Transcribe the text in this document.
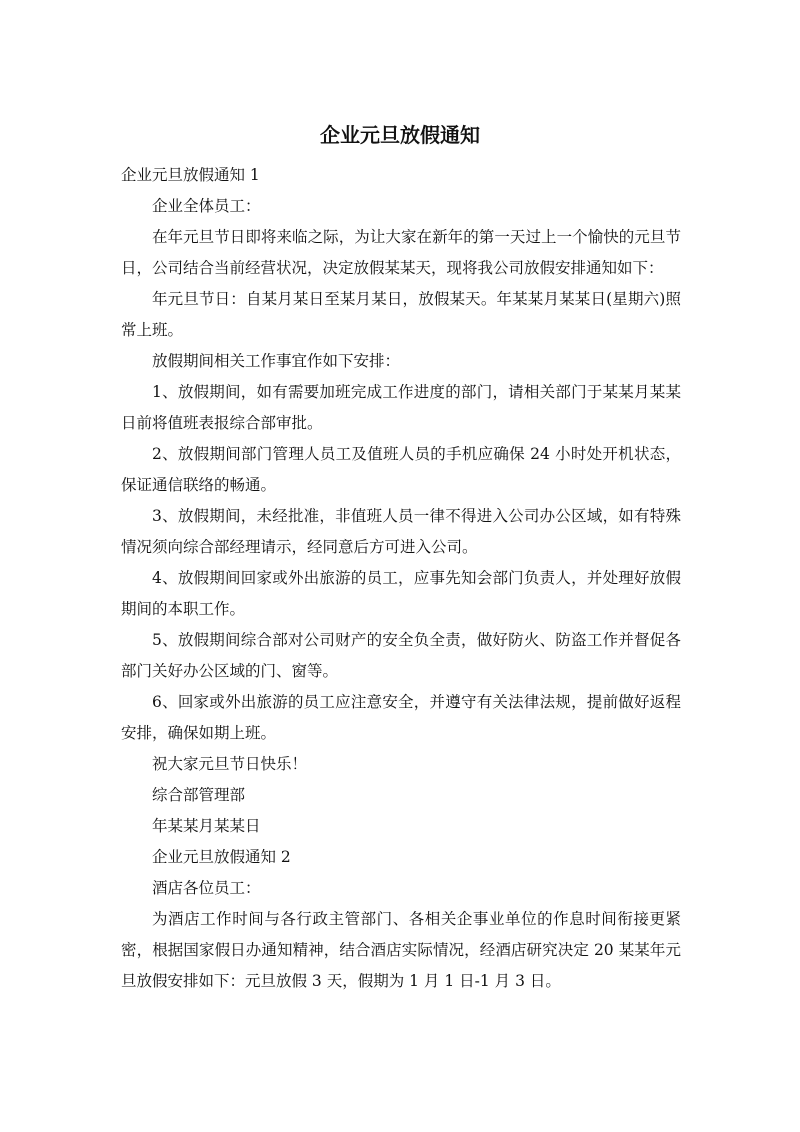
企业元旦放假通知

企业元旦放假通知 1

企业全体员工：

在年元旦节日即将来临之际，为让大家在新年的第一天过上一个愉快的元旦节日，公司结合当前经营状况，决定放假某某天，现将我公司放假安排通知如下：

年元旦节日：自某月某日至某月某日，放假某天。年某某月某某日(星期六)照常上班。

放假期间相关工作事宜作如下安排：

1、放假期间，如有需要加班完成工作进度的部门，请相关部门于某某月某某日前将值班表报综合部审批。

2、放假期间部门管理人员工及值班人员的手机应确保 24 小时处开机状态，保证通信联络的畅通。

3、放假期间，未经批准，非值班人员一律不得进入公司办公区域，如有特殊情况须向综合部经理请示，经同意后方可进入公司。

4、放假期间回家或外出旅游的员工，应事先知会部门负责人，并处理好放假期间的本职工作。

5、放假期间综合部对公司财产的安全负全责，做好防火、防盗工作并督促各部门关好办公区域的门、窗等。

6、回家或外出旅游的员工应注意安全，并遵守有关法律法规，提前做好返程安排，确保如期上班。

祝大家元旦节日快乐！

综合部管理部

年某某月某某日

企业元旦放假通知 2

酒店各位员工：

为酒店工作时间与各行政主管部门、各相关企事业单位的作息时间衔接更紧密，根据国家假日办通知精神，结合酒店实际情况，经酒店研究决定 20 某某年元旦放假安排如下：元旦放假 3 天，假期为 1 月 1 日-1 月 3 日。
